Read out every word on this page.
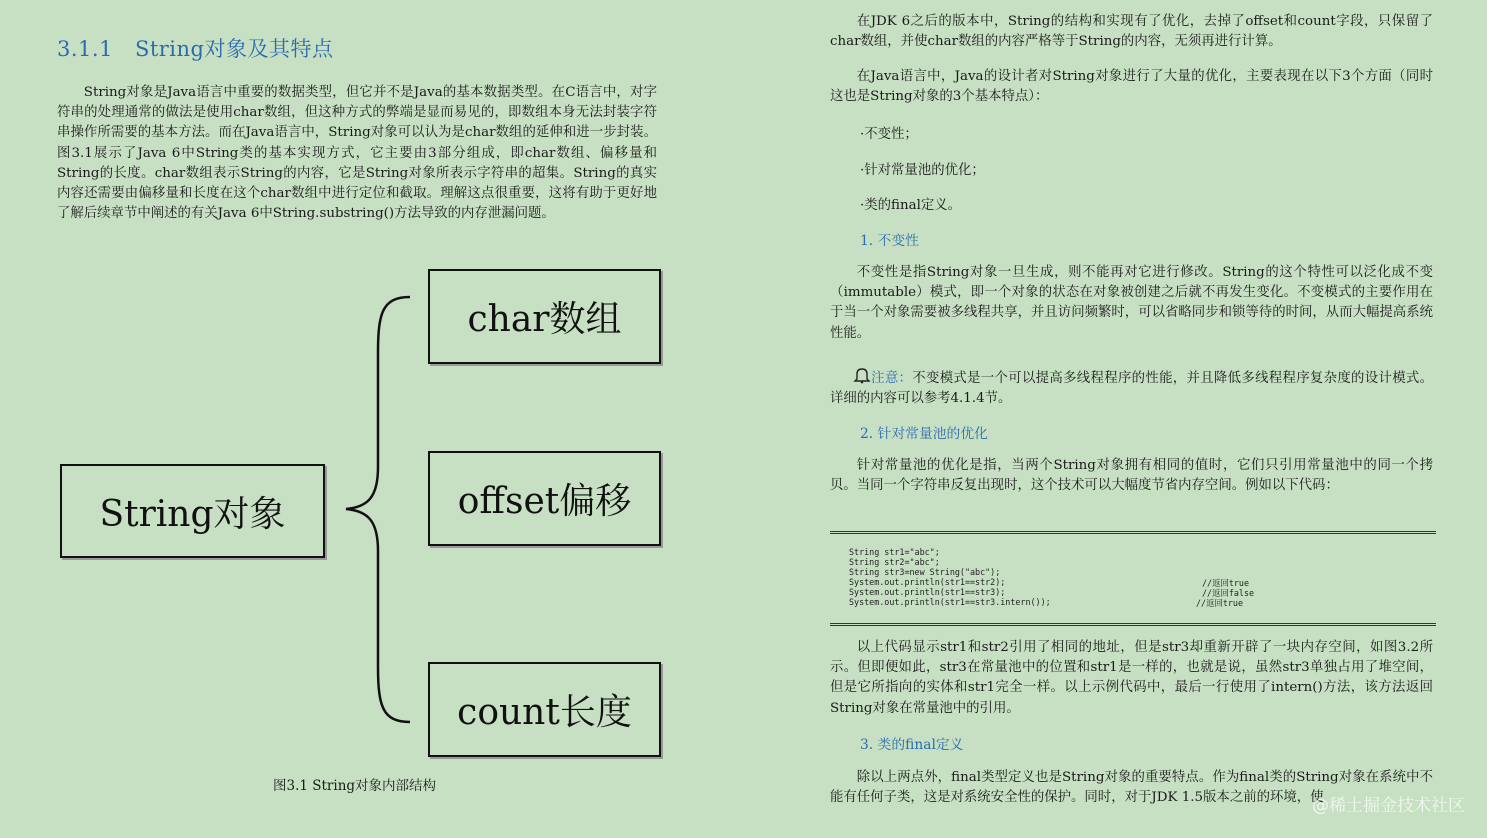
3.1.1 String对象及其特点
String对象是Java语言中重要的数据类型，但它并不是Java的基本数据类型。在C语言中，对字符串的处理通常的做法是使用char数组，但这种方式的弊端是显而易见的，即数组本身无法封装字符串操作所需要的基本方法。而在Java语言中，String对象可以认为是char数组的延伸和进一步封装。图3.1展示了Java 6中String类的基本实现方式，它主要由3部分组成，即char数组、偏移量和String的长度。char数组表示String的内容，它是String对象所表示字符串的超集。String的真实内容还需要由偏移量和长度在这个char数组中进行定位和截取。理解这点很重要，这将有助于更好地了解后续章节中阐述的有关Java 6中String.substring()方法导致的内存泄漏问题。
String对象
char数组
offset偏移
count长度
图3.1 String对象内部结构
在JDK 6之后的版本中，String的结构和实现有了优化，去掉了offset和count字段，只保留了char数组，并使char数组的内容严格等于String的内容，无须再进行计算。
在Java语言中，Java的设计者对String对象进行了大量的优化，主要表现在以下3个方面（同时这也是String对象的3个基本特点）：
·不变性；
·针对常量池的优化；
·类的final定义。
1. 不变性
不变性是指String对象一旦生成，则不能再对它进行修改。String的这个特性可以泛化成不变（immutable）模式，即一个对象的状态在对象被创建之后就不再发生变化。不变模式的主要作用在于当一个对象需要被多线程共享，并且访问频繁时，可以省略同步和锁等待的时间，从而大幅提高系统性能。
注意：不变模式是一个可以提高多线程程序的性能，并且降低多线程程序复杂度的设计模式。详细的内容可以参考4.1.4节。
2. 针对常量池的优化
针对常量池的优化是指，当两个String对象拥有相同的值时，它们只引用常量池中的同一个拷贝。当同一个字符串反复出现时，这个技术可以大幅度节省内存空间。例如以下代码：
String str1="abc";
String str2="abc";
String str3=new String("abc");
System.out.println(str1==str2);
System.out.println(str1==str3);
System.out.println(str1==str3.intern());
//返回true
//返回false
//返回true
以上代码显示str1和str2引用了相同的地址，但是str3却重新开辟了一块内存空间，如图3.2所示。但即便如此，str3在常量池中的位置和str1是一样的，也就是说，虽然str3单独占用了堆空间，但是它所指向的实体和str1完全一样。以上示例代码中，最后一行使用了intern()方法，该方法返回String对象在常量池中的引用。
3. 类的final定义
除以上两点外，final类型定义也是String对象的重要特点。作为final类的String对象在系统中不能有任何子类，这是对系统安全性的保护。同时，对于JDK 1.5版本之前的环境，使
@稀土掘金技术社区
